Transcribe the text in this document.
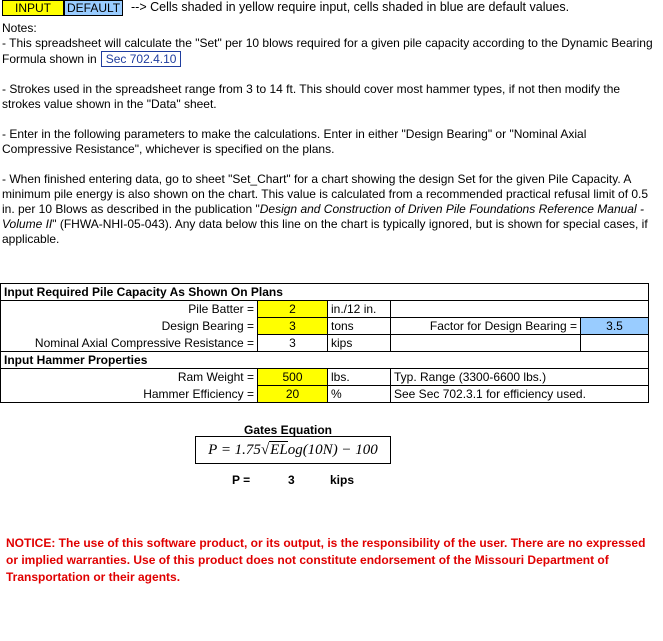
INPUT	DEFAULT --> Cells shaded in yellow require input, cells shaded in blue are default values.

Notes:

- This spreadsheet will calculate the "Set" per 10 blows required for a given pile capacity according to the Dynamic Bearing Formula shown in Sec 702.4.10

- Strokes used in the spreadsheet range from 3 to 14 ft. This should cover most hammer types, if not then modify the strokes value shown in the "Data" sheet.

- Enter in the following parameters to make the calculations. Enter in either "Design Bearing" or "Nominal Axial Compressive Resistance", whichever is specified on the plans.

- When finished entering data, go to sheet "Set_Chart" for a chart showing the design Set for the given Pile Capacity. A minimum pile energy is also shown on the chart. This value is calculated from a recommended practical refusal limit of 0.5 in. per 10 Blows as described in the publication "Design and Construction of Driven Pile Foundations Reference Manual - Volume II" (FHWA-NHI-05-043). Any data below this line on the chart is typically ignored, but is shown for special cases, if applicable.

Input Required Pile Capacity As Shown On Plans				
Pile Batter =	2	in./12 in.		
Design Bearing =	3	tons	Factor for Design Bearing =	3.5
Nominal Axial Compressive Resistance =	3	kips		
Input Hammer Properties				
Ram Weight =	500	lbs.	Typ. Range (3300-6600 lbs.)	
Hammer Efficiency =	20	%	See Sec 702.3.1 for efficiency used.	
Gates Equation
P = 1.75√ELog(10N) − 100
P =	3	kips
NOTICE: The use of this software product, or its output, is the responsibility of the user. There are no expressed or implied warranties. Use of this product does not constitute endorsement of the Missouri Department of Transportation or their agents.
